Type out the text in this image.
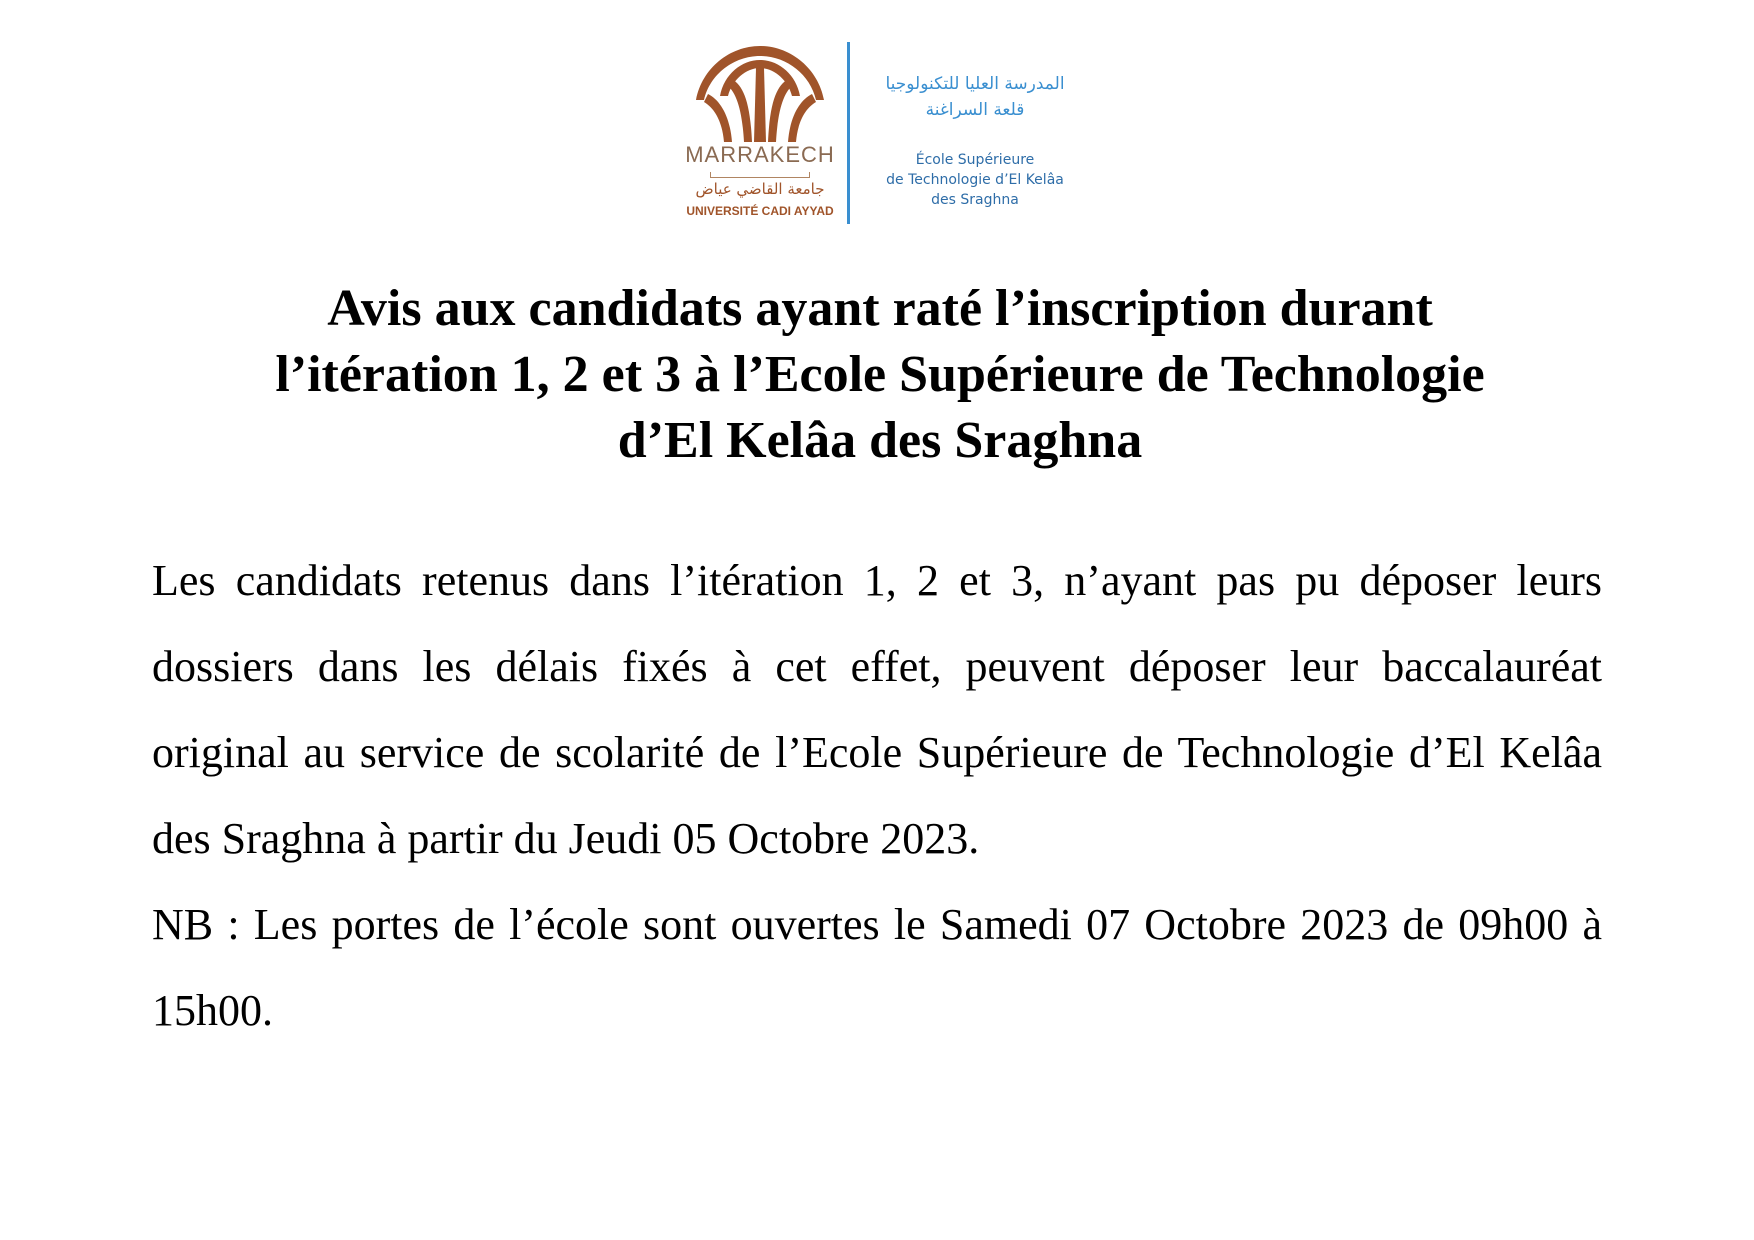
MARRAKECH
جامعة القاضي عياض
UNIVERSITÉ CADI AYYAD
المدرسة العليا للتكنولوجيا
قلعة السراغنة
École Supérieure
de Technologie d’El Kelâa
des Sraghna
Avis aux candidats ayant raté l’inscription durant
l’itération 1, 2 et 3 à l’Ecole Supérieure de Technologie
d’El Kelâa des Sraghna

Les candidats retenus dans l’itération 1, 2 et 3, n’ayant pas pu déposer leurs dossiers dans les délais fixés à cet effet, peuvent déposer leur baccalauréat original au service de scolarité de l’Ecole Supérieure de Technologie d’El Kelâa des Sraghna à partir du Jeudi 05 Octobre 2023.

NB : Les portes de l’école sont ouvertes le Samedi 07 Octobre 2023 de 09h00 à 15h00.
